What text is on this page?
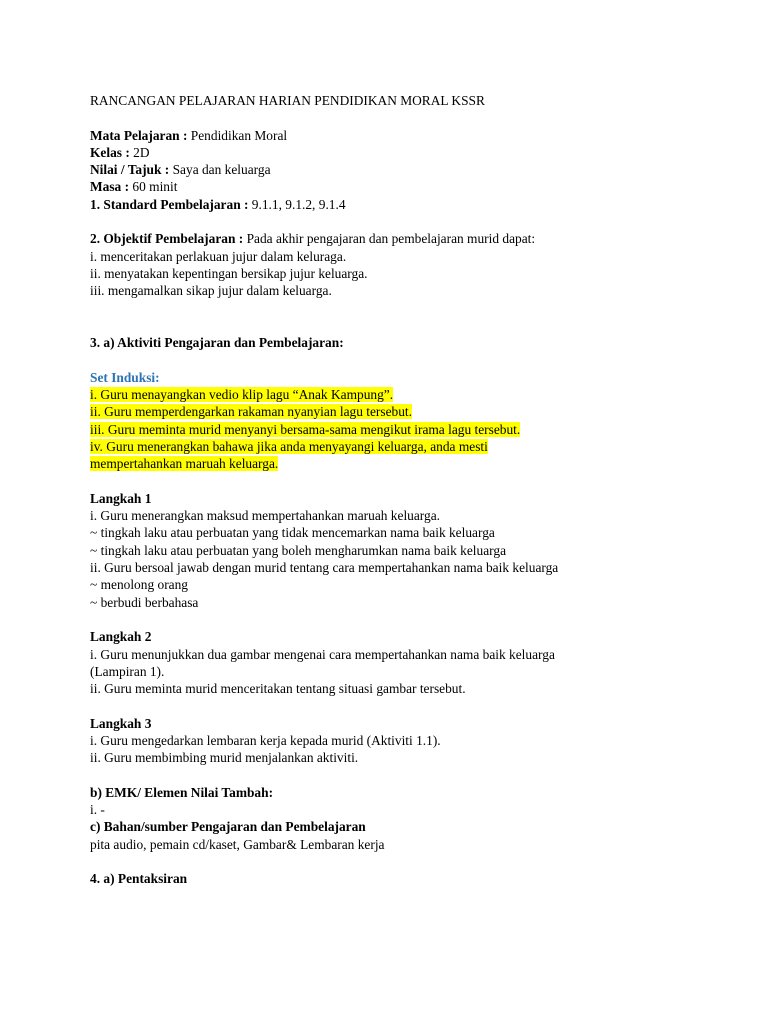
RANCANGAN PELAJARAN HARIAN PENDIDIKAN MORAL KSSR
Mata Pelajaran : Pendidikan Moral
Kelas : 2D
Nilai / Tajuk : Saya dan keluarga
Masa : 60 minit
1. Standard Pembelajaran : 9.1.1, 9.1.2, 9.1.4
2. Objektif Pembelajaran : Pada akhir pengajaran dan pembelajaran murid dapat:
i. menceritakan perlakuan jujur dalam keluraga.
ii. menyatakan kepentingan bersikap jujur keluarga.
iii. mengamalkan sikap jujur dalam keluarga.
3. a) Aktiviti Pengajaran dan Pembelajaran:
Set Induksi:
i. Guru menayangkan vedio klip lagu “Anak Kampung”.
ii. Guru memperdengarkan rakaman nyanyian lagu tersebut.
iii. Guru meminta murid menyanyi bersama-sama mengikut irama lagu tersebut.
iv. Guru menerangkan bahawa jika anda menyayangi keluarga, anda mesti
mempertahankan maruah keluarga.
Langkah 1
i. Guru menerangkan maksud mempertahankan maruah keluarga.
~ tingkah laku atau perbuatan yang tidak mencemarkan nama baik keluarga
~ tingkah laku atau perbuatan yang boleh mengharumkan nama baik keluarga
ii. Guru bersoal jawab dengan murid tentang cara mempertahankan nama baik keluarga
~ menolong orang
~ berbudi berbahasa
Langkah 2
i. Guru menunjukkan dua gambar mengenai cara mempertahankan nama baik keluarga
(Lampiran 1).
ii. Guru meminta murid menceritakan tentang situasi gambar tersebut.
Langkah 3
i. Guru mengedarkan lembaran kerja kepada murid (Aktiviti 1.1).
ii. Guru membimbing murid menjalankan aktiviti.
b) EMK/ Elemen Nilai Tambah:
i. -
c) Bahan/sumber Pengajaran dan Pembelajaran
pita audio, pemain cd/kaset, Gambar& Lembaran kerja
4. a) Pentaksiran
